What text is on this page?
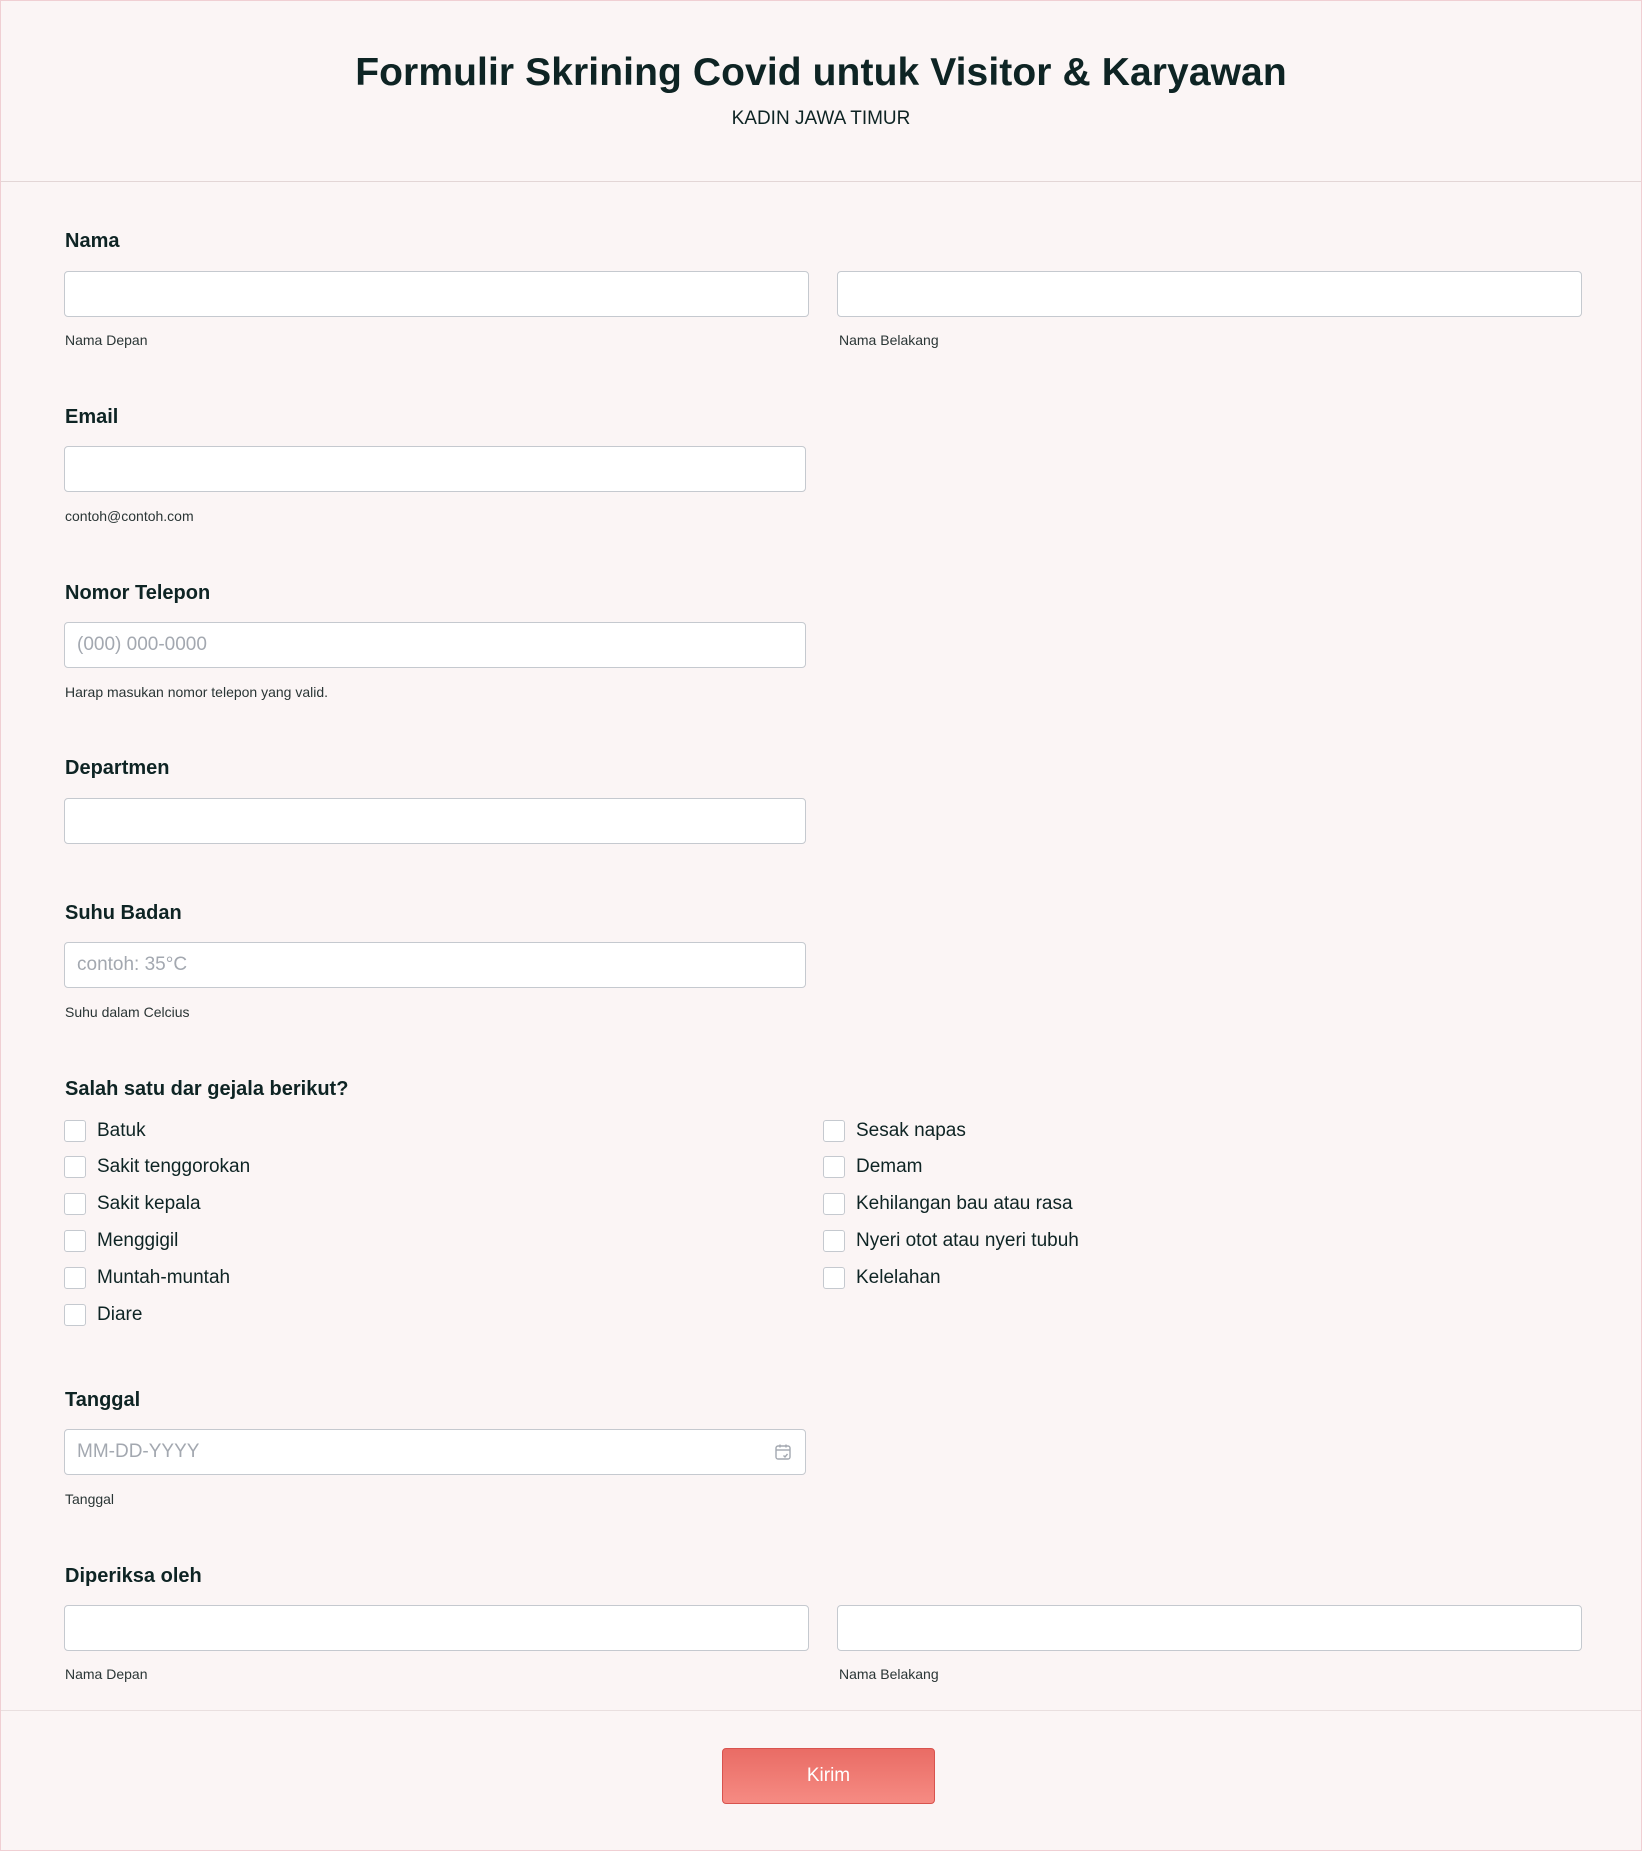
Formulir Skrining Covid untuk Visitor & Karyawan
KADIN JAWA TIMUR
Nama
Nama Depan	Nama Belakang
Email
contoh@contoh.com
Nomor Telepon
(000) 000-0000
Harap masukan nomor telepon yang valid.
Departmen
Suhu Badan
contoh: 35°C
Suhu dalam Celcius
Salah satu dar gejala berikut?
Batuk
Sakit tenggorokan
Sakit kepala
Menggigil
Muntah-muntah
Diare
Sesak napas
Demam
Kehilangan bau atau rasa
Nyeri otot atau nyeri tubuh
Kelelahan
Tanggal
MM-DD-YYYY
Tanggal
Diperiksa oleh
Nama Depan	Nama Belakang
Kirim
